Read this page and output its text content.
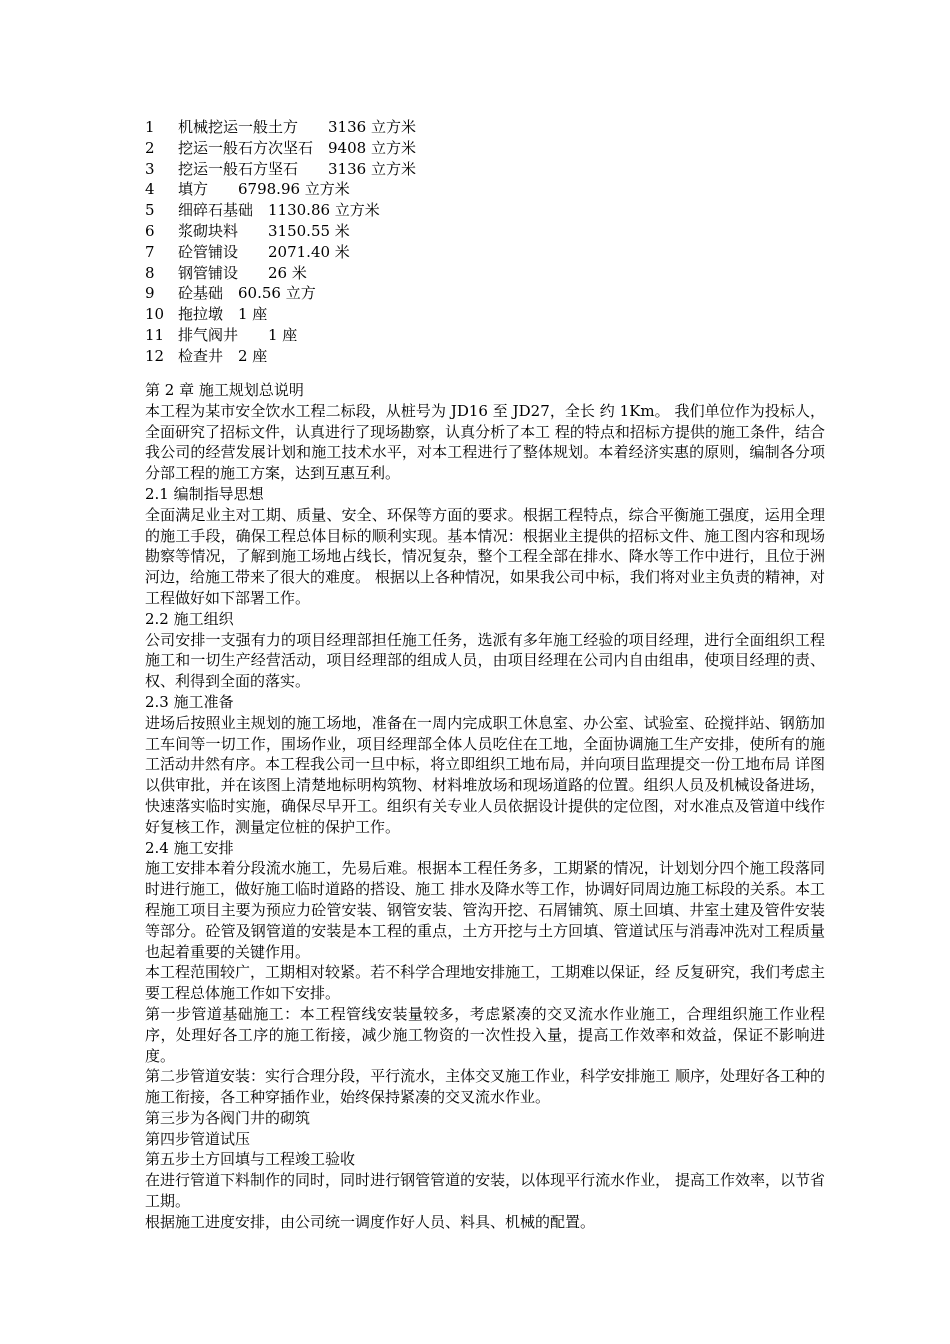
1 机械挖运一般土方　　3136 立方米
2 挖运一般石方次坚石　9408 立方米
3 挖运一般石方坚石　　3136 立方米
4 填方　　6798.96 立方米
5 细碎石基础　1130.86 立方米
6 浆砌块料　　3150.55 米
7 砼管铺设　　2071.40 米
8 钢管铺设　　26 米
9 砼基础　60.56 立方
10 拖拉墩　1 座
11 排气阀井　　1 座
12 检查井　2 座

第 2 章 施工规划总说明

本工程为某市安全饮水工程二标段，从桩号为 JD16 至 JD27，全长 约 1Km。 我们单位作为投标人，全面研究了招标文件，认真进行了现场勘察，认真分析了本工 程的特点和招标方提供的施工条件，结合我公司的经营发展计划和施工技术水平，对本工程进行了整体规划。本着经济实惠的原则，编制各分项分部工程的施工方案，达到互惠互利。

2.1 编制指导思想

全面满足业主对工期、质量、安全、环保等方面的要求。根据工程特点，综合平衡施工强度，运用全理的施工手段，确保工程总体目标的顺利实现。基本情况：根据业主提供的招标文件、施工图内容和现场勘察等情况，了解到施工场地占线长，情况复杂，整个工程全部在排水、降水等工作中进行，且位于洲河边，给施工带来了很大的难度。 根据以上各种情况，如果我公司中标，我们将对业主负责的精神，对工程做好如下部署工作。

2.2 施工组织

公司安排一支强有力的项目经理部担任施工任务，选派有多年施工经验的项目经理，进行全面组织工程施工和一切生产经营活动，项目经理部的组成人员，由项目经理在公司内自由组串，使项目经理的责、权、利得到全面的落实。

2.3 施工准备

进场后按照业主规划的施工场地，准备在一周内完成职工休息室、办公室、试验室、砼搅拌站、钢筋加工车间等一切工作，围场作业，项目经理部全体人员吃住在工地，全面协调施工生产安排，使所有的施工活动井然有序。本工程我公司一旦中标，将立即组织工地布局，并向项目监理提交一份工地布局 详图以供审批，并在该图上清楚地标明构筑物、材料堆放场和现场道路的位置。组织人员及机械设备进场，快速落实临时实施，确保尽早开工。组织有关专业人员依据设计提供的定位图，对水准点及管道中线作好复核工作，测量定位桩的保护工作。

2.4 施工安排

施工安排本着分段流水施工，先易后难。根据本工程任务多，工期紧的情况，计划划分四个施工段落同时进行施工，做好施工临时道路的搭设、施工 排水及降水等工作，协调好同周边施工标段的关系。本工程施工项目主要为预应力砼管安装、钢管安装、管沟开挖、石屑铺筑、原土回填、井室土建及管件安装等部分。砼管及钢管道的安装是本工程的重点，土方开挖与土方回填、管道试压与消毒冲洗对工程质量也起着重要的关键作用。

本工程范围较广，工期相对较紧。若不科学合理地安排施工，工期难以保证，经 反复研究，我们考虑主要工程总体施工作如下安排。

第一步管道基础施工：本工程管线安装量较多，考虑紧凑的交叉流水作业施工，合理组织施工作业程序，处理好各工序的施工衔接，减少施工物资的一次性投入量，提高工作效率和效益，保证不影响进度。

第二步管道安装：实行合理分段，平行流水，主体交叉施工作业，科学安排施工 顺序，处理好各工种的施工衔接，各工种穿插作业，始终保持紧凑的交叉流水作业。

第三步为各阀门井的砌筑

第四步管道试压

第五步土方回填与工程竣工验收

在进行管道下料制作的同时，同时进行钢管管道的安装，以体现平行流水作业， 提高工作效率，以节省工期。

根据施工进度安排，由公司统一调度作好人员、料具、机械的配置。
